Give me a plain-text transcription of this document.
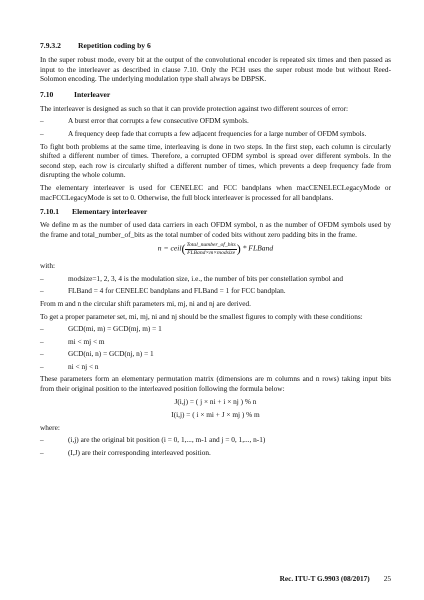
7.9.3.2 Repetition coding by 6

In the super robust mode, every bit at the output of the convolutional encoder is repeated six times and then passed as input to the interleaver as described in clause 7.10. Only the FCH uses the super robust mode but without Reed-Solomon encoding. The underlying modulation type shall always be DBPSK.

7.10	Interleaver

The interleaver is designed as such so that it can provide protection against two different sources of error:

–	A burst error that corrupts a few consecutive OFDM symbols.
–	A frequency deep fade that corrupts a few adjacent frequencies for a large number of OFDM symbols.

To fight both problems at the same time, interleaving is done in two steps. In the first step, each column is circularly shifted a different number of times. Therefore, a corrupted OFDM symbol is spread over different symbols. In the second step, each row is circularly shifted a different number of times, which prevents a deep frequency fade from disrupting the whole column.

The elementary interleaver is used for CENELEC and FCC bandplans when macCENELECLegacyMode or macFCCLegacyMode is set to 0. Otherwise, the full block interleaver is processed for all bandplans.

7.10.1 Elementary interleaver

We define m as the number of used data carriers in each OFDM symbol, n as the number of OFDM symbols used by the frame and total_number_of_bits as the total number of coded bits without zero padding bits in the frame.

n = ceil( $\frac{\text{Total\_number\_of\_bits}}{\text{FLBand×m×modsize}}$ ) * FLBand

with:

–	modsize=1, 2, 3, 4 is the modulation size, i.e., the number of bits per constellation symbol and
–	FLBand = 4 for CENELEC bandplans and FLBand = 1 for FCC bandplan.

From m and n the circular shift parameters mi, mj, ni and nj are derived.

To get a proper parameter set, mi, mj, ni and nj should be the smallest figures to comply with these conditions:

–	GCD(mi, m) = GCD(mj, m) = 1
–	mi < mj < m
–	GCD(ni, n) = GCD(nj, n) = 1
–	ni < nj < n

These parameters form an elementary permutation matrix (dimensions are m columns and n rows) taking input bits from their original position to the interleaved position following the formula below:

J(i,j) = ( j × ni + i × nj ) % n
I(i,j) = ( i × mi + J × mj ) % m

where:

–	(i,j) are the original bit position (i = 0, 1,..., m-1 and j = 0, 1,..., n-1)
–	(I,J) are their corresponding interleaved position.
Rec. ITU-T G.9903 (08/2017) 25
